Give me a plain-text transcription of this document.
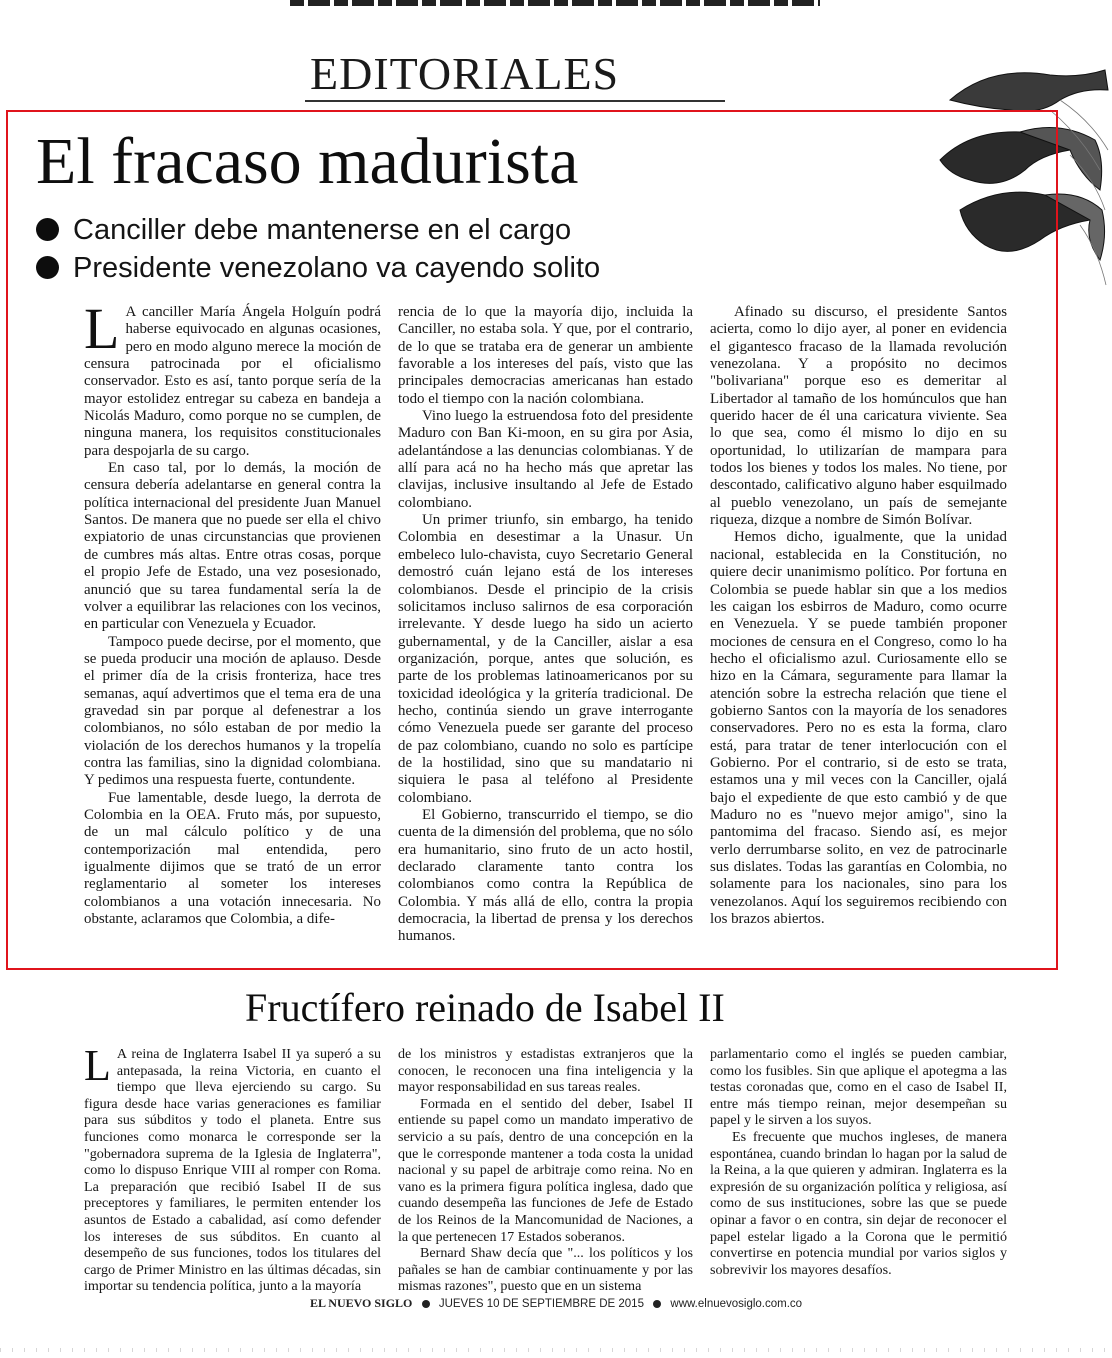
EDITORIALES
El fracaso madurista
Canciller debe mantenerse en el cargo
Presidente venezolano va cayendo solito

L A canciller María Ángela Holguín podrá haberse equivocado en algunas ocasiones, pero en modo alguno merece la moción de censura patrocinada por el oficialismo conservador. Esto es así, tanto porque sería de la mayor estolidez entregar su cabeza en bandeja a Nicolás Maduro, como porque no se cumplen, de ninguna manera, los requisitos constitucionales para despojarla de su cargo.

En caso tal, por lo demás, la moción de censura debería adelantarse en general contra la política internacional del presidente Juan Manuel Santos. De manera que no puede ser ella el chivo expiatorio de unas circunstancias que provienen de cumbres más altas. Entre otras cosas, porque el propio Jefe de Estado, una vez posesionado, anunció que su tarea fundamental sería la de volver a equilibrar las relaciones con los vecinos, en particular con Venezuela y Ecuador.

Tampoco puede decirse, por el momento, que se pueda producir una moción de aplauso. Desde el primer día de la crisis fronteriza, hace tres semanas, aquí advertimos que el tema era de una gravedad sin par porque al defenestrar a los colombianos, no sólo estaban de por medio la violación de los derechos humanos y la tropelía contra las familias, sino la dignidad colombiana. Y pedimos una respuesta fuerte, contundente.

Fue lamentable, desde luego, la derrota de Colombia en la OEA. Fruto más, por supuesto, de un mal cálculo político y de una contemporización mal entendida, pero igualmente dijimos que se trató de un error reglamentario al someter los intereses colombianos a una votación innecesaria. No obstante, aclaramos que Colombia, a dife-

rencia de lo que la mayoría dijo, incluida la Canciller, no estaba sola. Y que, por el contrario, de lo que se trataba era de generar un ambiente favorable a los intereses del país, visto que las principales democracias americanas han estado todo el tiempo con la nación colombiana.

Vino luego la estruendosa foto del presidente Maduro con Ban Ki-moon, en su gira por Asia, adelantándose a las denuncias colombianas. Y de allí para acá no ha hecho más que apretar las clavijas, inclusive insultando al Jefe de Estado colombiano.

Un primer triunfo, sin embargo, ha tenido Colombia en desestimar a la Unasur. Un embeleco lulo-chavista, cuyo Secretario General demostró cuán lejano está de los intereses colombianos. Desde el principio de la crisis solicitamos incluso salirnos de esa corporación irrelevante. Y desde luego ha sido un acierto gubernamental, y de la Canciller, aislar a esa organización, porque, antes que solución, es parte de los problemas latinoamericanos por su toxicidad ideológica y la gritería tradicional. De hecho, continúa siendo un grave interrogante cómo Venezuela puede ser garante del proceso de paz colombiano, cuando no solo es partícipe de la hostilidad, sino que su mandatario ni siquiera le pasa al teléfono al Presidente colombiano.

El Gobierno, transcurrido el tiempo, se dio cuenta de la dimensión del problema, que no sólo era humanitario, sino fruto de un acto hostil, declarado claramente tanto contra los colombianos como contra la República de Colombia. Y más allá de ello, contra la propia democracia, la libertad de prensa y los derechos humanos.

Afinado su discurso, el presidente Santos acierta, como lo dijo ayer, al poner en evidencia el gigantesco fracaso de la llamada revolución venezolana. Y a propósito no decimos "bolivariana" porque eso es demeritar al Libertador al tamaño de los homúnculos que han querido hacer de él una caricatura viviente. Sea lo que sea, como él mismo lo dijo en su oportunidad, lo utilizarían de mampara para todos los bienes y todos los males. No tiene, por descontado, calificativo alguno haber esquilmado al pueblo venezolano, un país de semejante riqueza, dizque a nombre de Simón Bolívar.

Hemos dicho, igualmente, que la unidad nacional, establecida en la Constitución, no quiere decir unanimismo político. Por fortuna en Colombia se puede hablar sin que a los medios les caigan los esbirros de Maduro, como ocurre en Venezuela. Y se puede también proponer mociones de censura en el Congreso, como lo ha hecho el oficialismo azul. Curiosamente ello se hizo en la Cámara, seguramente para llamar la atención sobre la estrecha relación que tiene el gobierno Santos con la mayoría de los senadores conservadores. Pero no es esta la forma, claro está, para tratar de tener interlocución con el Gobierno. Por el contrario, si de esto se trata, estamos una y mil veces con la Canciller, ojalá bajo el expediente de que esto cambió y de que Maduro no es "nuevo mejor amigo", sino la pantomima del fracaso. Siendo así, es mejor verlo derrumbarse solito, en vez de patrocinarle sus dislates. Todas las garantías en Colombia, no solamente para los nacionales, sino para los venezolanos. Aquí los seguiremos recibiendo con los brazos abiertos.

Fructífero reinado de Isabel II

L A reina de Inglaterra Isabel II ya superó a su antepasada, la reina Victoria, en cuanto el tiempo que lleva ejerciendo su cargo. Su figura desde hace varias generaciones es familiar para sus súbditos y todo el planeta. Entre sus funciones como monarca le corresponde ser la "gobernadora suprema de la Iglesia de Inglaterra", como lo dispuso Enrique VIII al romper con Roma. La preparación que recibió Isabel II de sus preceptores y familiares, le permiten entender los asuntos de Estado a cabalidad, así como defender los intereses de sus súbditos. En cuanto al desempeño de sus funciones, todos los titulares del cargo de Primer Ministro en las últimas décadas, sin importar su tendencia política, junto a la mayoría

de los ministros y estadistas extranjeros que la conocen, le reconocen una fina inteligencia y la mayor responsabilidad en sus tareas reales.

Formada en el sentido del deber, Isabel II entiende su papel como un mandato imperativo de servicio a su país, dentro de una concepción en la que le corresponde mantener a toda costa la unidad nacional y su papel de arbitraje como reina. No en vano es la primera figura política inglesa, dado que cuando desempeña las funciones de Jefe de Estado de los Reinos de la Mancomunidad de Naciones, a la que pertenecen 17 Estados soberanos.

Bernard Shaw decía que "... los políticos y los pañales se han de cambiar continuamente y por las mismas razones", puesto que en un sistema

parlamentario como el inglés se pueden cambiar, como los fusibles. Sin que aplique el apotegma a las testas coronadas que, como en el caso de Isabel II, entre más tiempo reinan, mejor desempeñan su papel y le sirven a los suyos.

Es frecuente que muchos ingleses, de manera espontánea, cuando brindan lo hagan por la salud de la Reina, a la que quieren y admiran. Inglaterra es la expresión de su organización política y religiosa, así como de sus instituciones, sobre las que se puede opinar a favor o en contra, sin dejar de reconocer el papel estelar ligado a la Corona que le permitió convertirse en potencia mundial por varios siglos y sobrevivir los mayores desafíos.

EL NUEVO SIGLO JUEVES 10 DE SEPTIEMBRE DE 2015 www.elnuevosiglo.com.co
